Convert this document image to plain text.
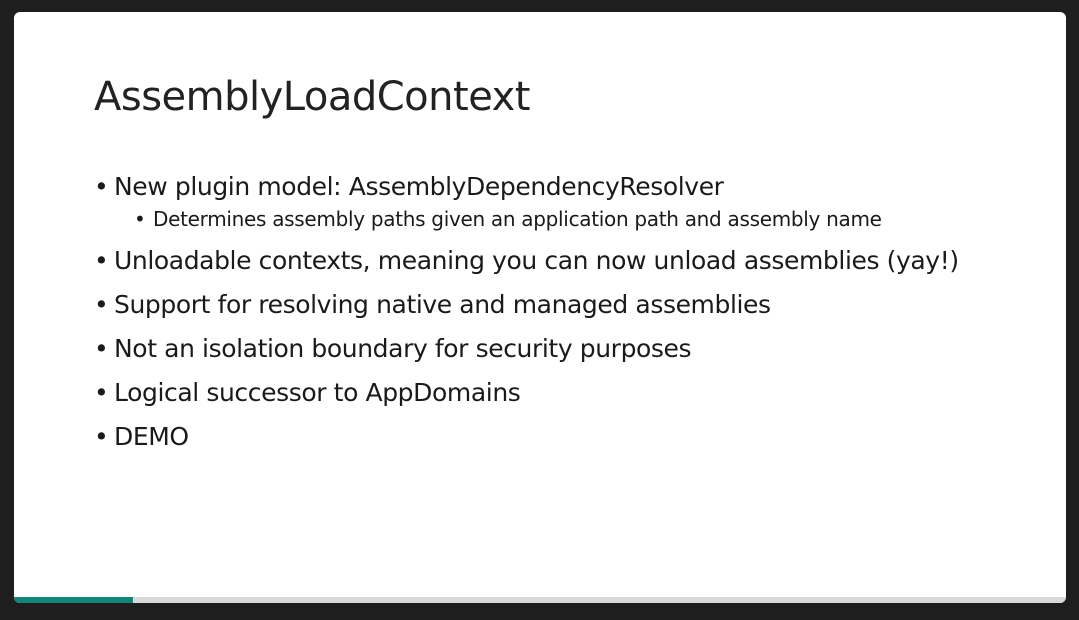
AssemblyLoadContext
• New plugin model: AssemblyDependencyResolver
• Determines assembly paths given an application path and assembly name
• Unloadable contexts, meaning you can now unload assemblies (yay!)
• Support for resolving native and managed assemblies
• Not an isolation boundary for security purposes
• Logical successor to AppDomains
• DEMO
